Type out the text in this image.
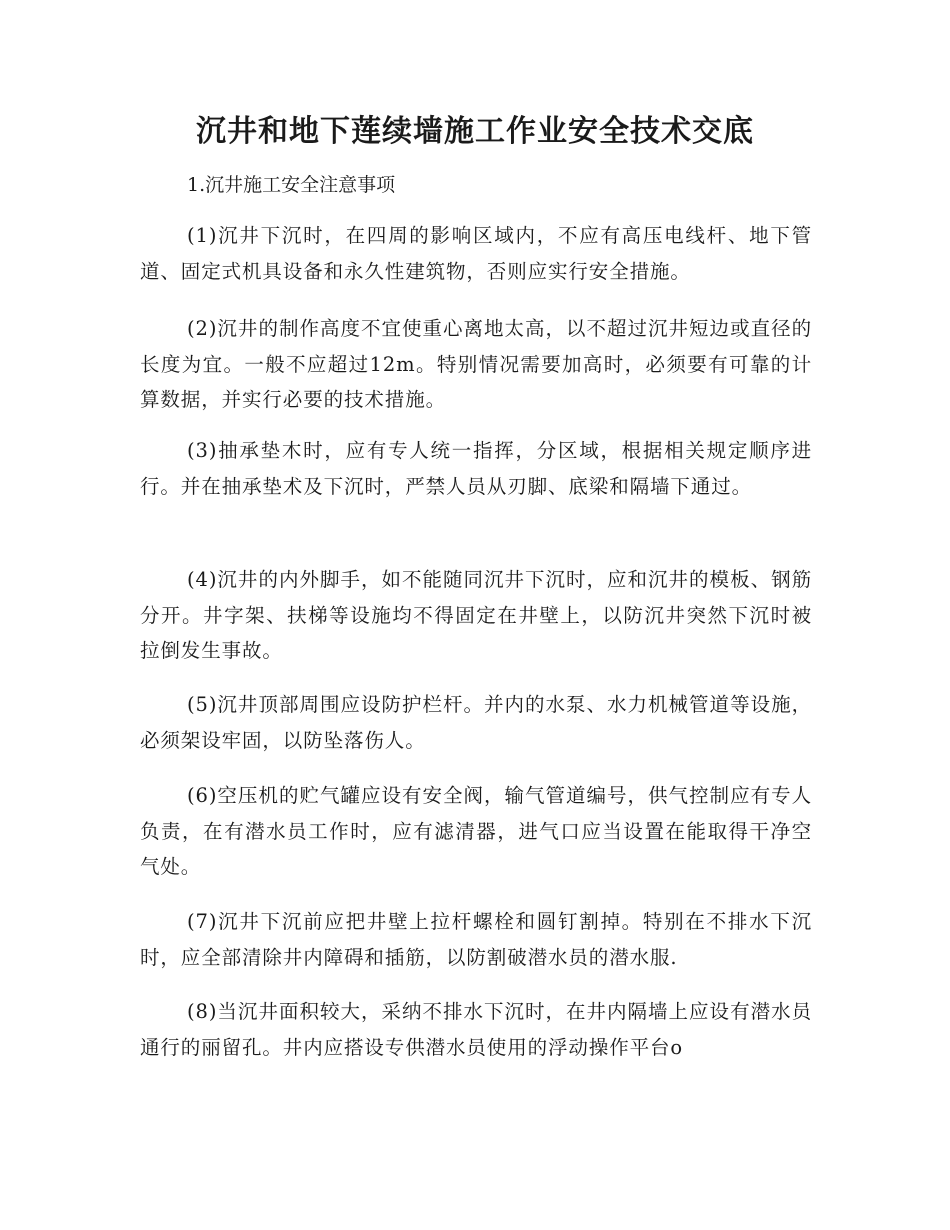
沉井和地下莲续墙施工作业安全技术交底

1.沉井施工安全注意事项

(1)沉井下沉时，在四周的影响区域内，不应有高压电线杆、地下管道、固定式机具设备和永久性建筑物，否则应实行安全措施。

(2)沉井的制作高度不宜使重心离地太高，以不超过沉井短边或直径的长度为宜。一般不应超过12m。特别情况需要加高时，必须要有可靠的计算数据，并实行必要的技术措施。

(3)抽承垫木时，应有专人统一指挥，分区域，根据相关规定顺序进行。并在抽承垫术及下沉时，严禁人员从刃脚、底梁和隔墙下通过。

(4)沉井的内外脚手，如不能随同沉井下沉时，应和沉井的模板、钢筋分开。井字架、扶梯等设施均不得固定在井壁上，以防沉井突然下沉时被拉倒发生事故。

(5)沉井顶部周围应设防护栏杆。并内的水泵、水力机械管道等设施，必须架设牢固，以防坠落伤人。

(6)空压机的贮气罐应设有安全阀，输气管道编号，供气控制应有专人负责，在有潜水员工作时，应有滤清器，进气口应当设置在能取得干净空气处。

(7)沉井下沉前应把井壁上拉杆螺栓和圆钉割掉。特别在不排水下沉时，应全部清除井内障碍和插筋，以防割破潜水员的潜水服.

(8)当沉井面积较大，采纳不排水下沉时，在井内隔墙上应设有潜水员通行的丽留孔。井内应搭设专供潜水员使用的浮动操作平台o
